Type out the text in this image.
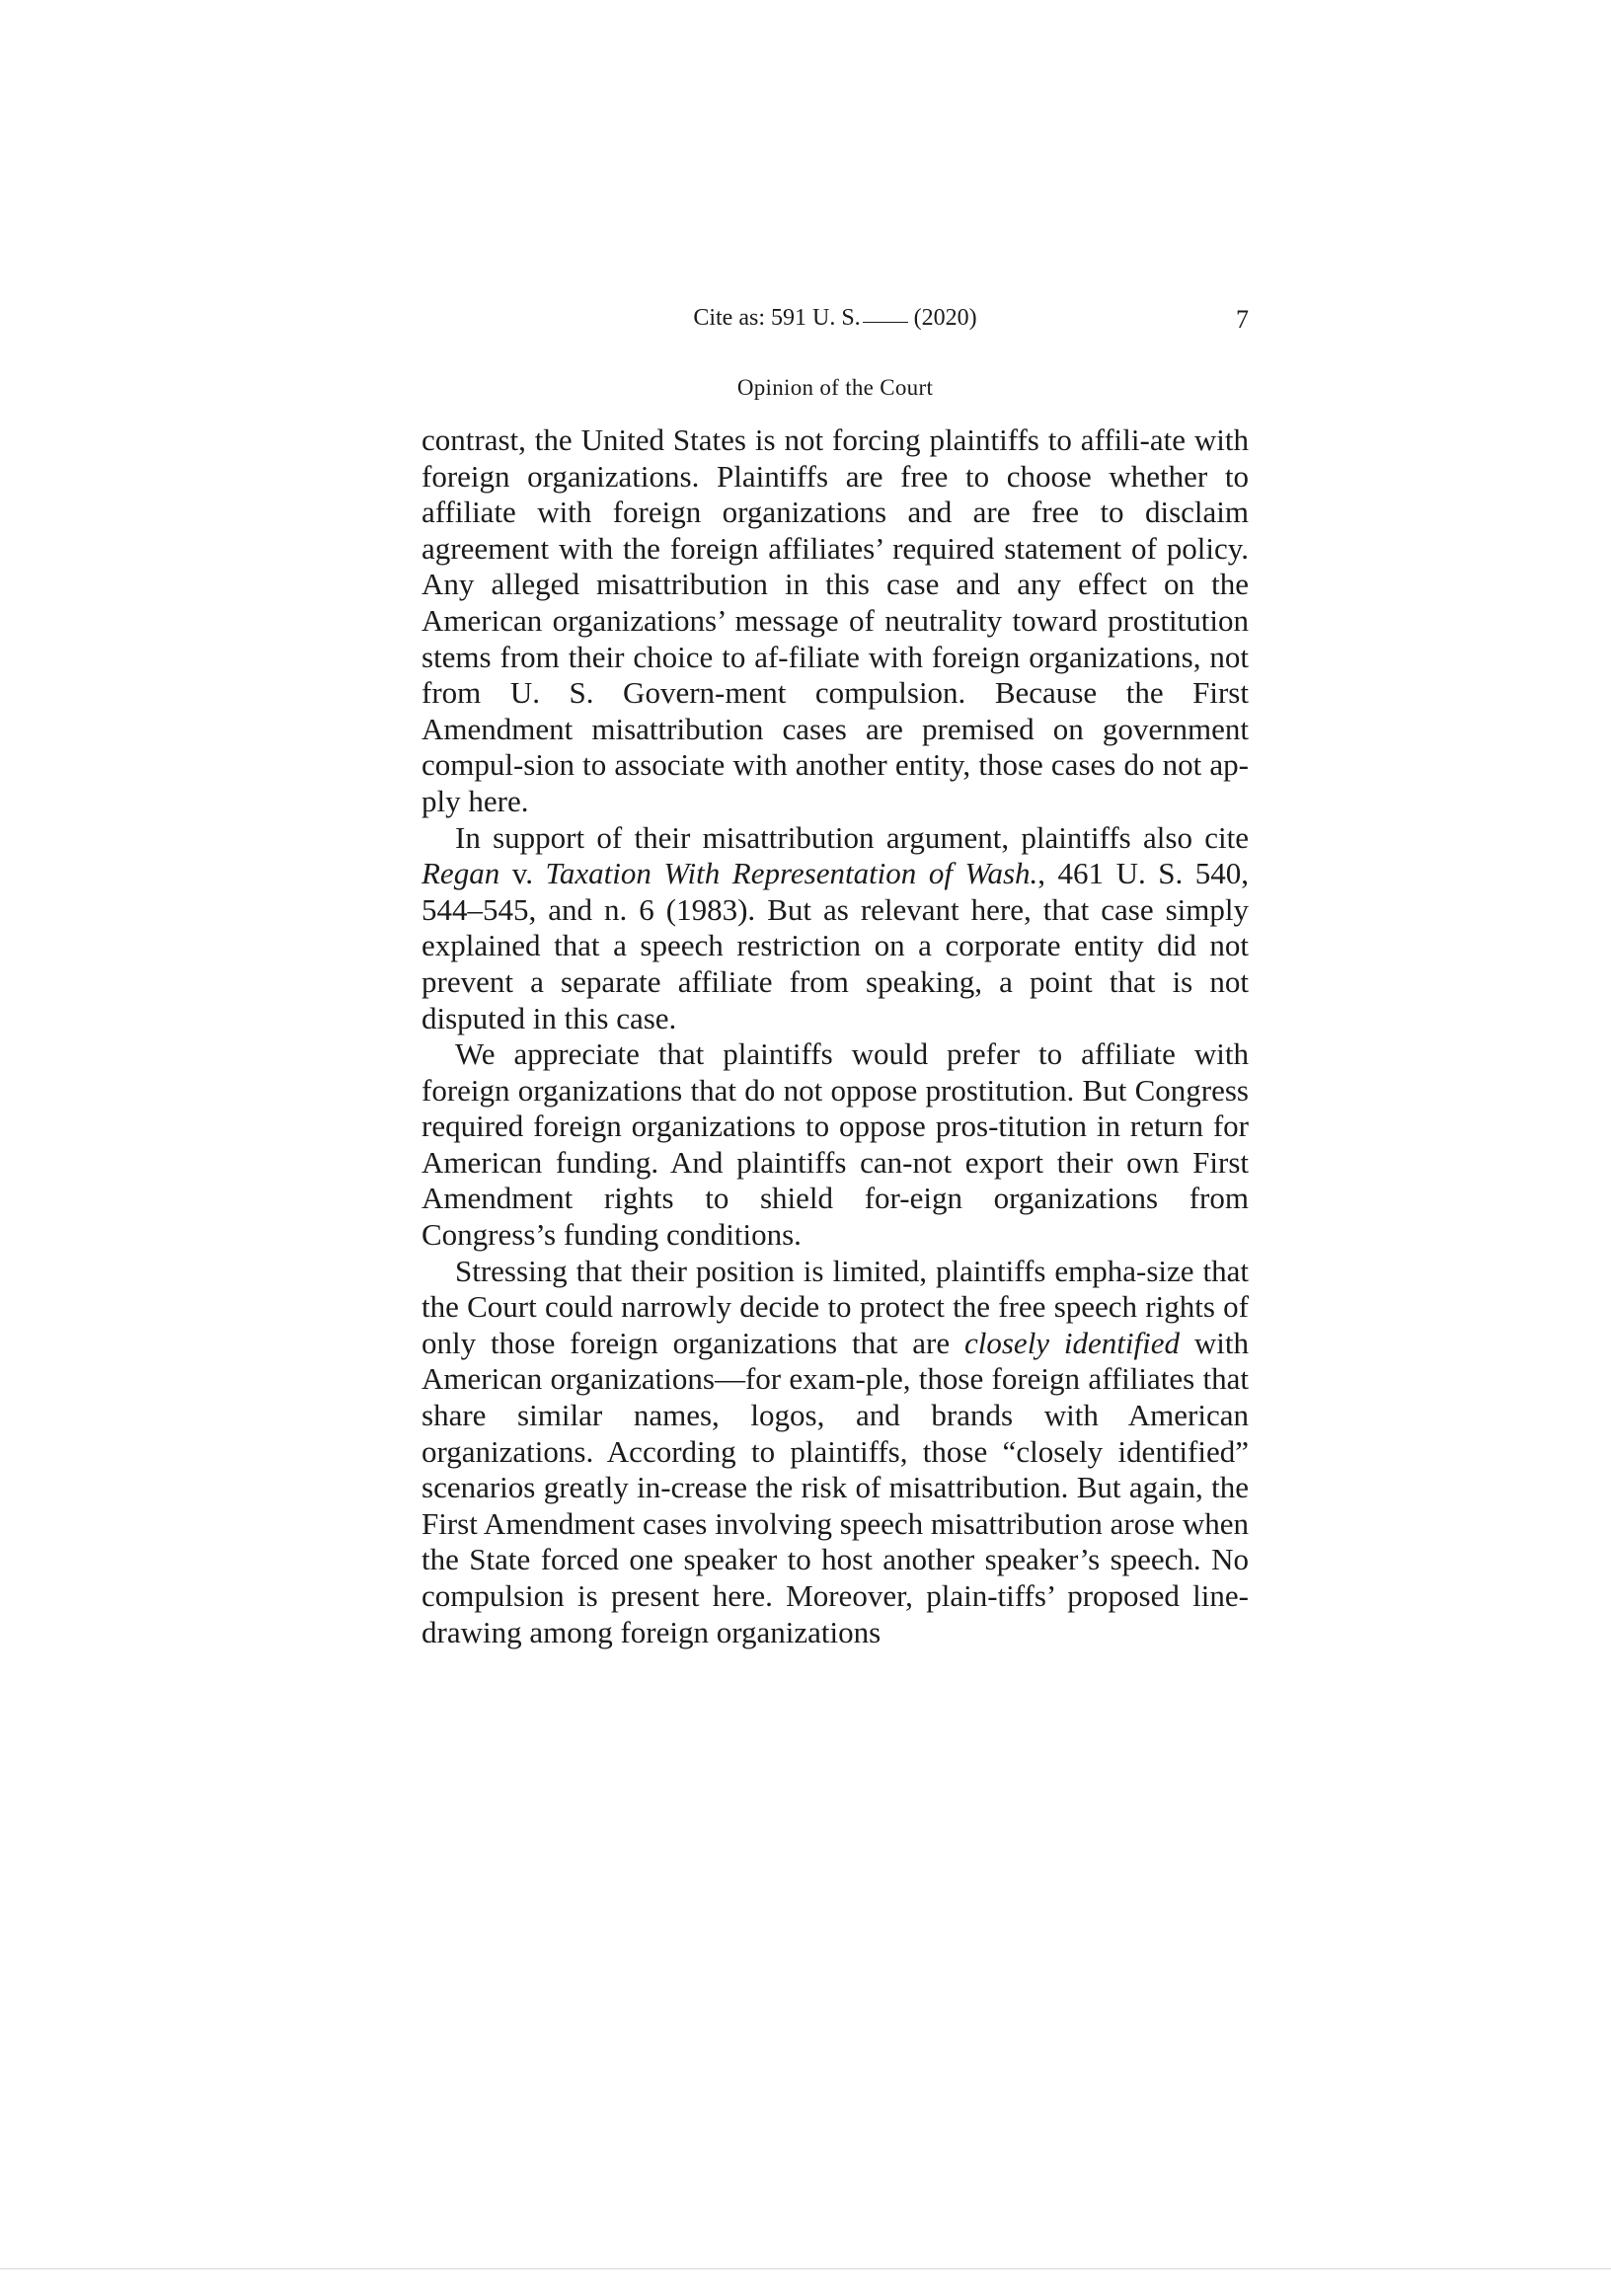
Cite as: 591 U. S. (2020)	7
Opinion of the Court

contrast, the United States is not forcing plaintiffs to affili-ate with foreign organizations. Plaintiffs are free to choose whether to affiliate with foreign organizations and are free to disclaim agreement with the foreign affiliates’ required statement of policy. Any alleged misattribution in this case and any effect on the American organizations’ message of neutrality toward prostitution stems from their choice to af-filiate with foreign organizations, not from U. S. Govern-ment compulsion. Because the First Amendment misattribution cases are premised on government compul-sion to associate with another entity, those cases do not ap-ply here.

In support of their misattribution argument, plaintiffs also cite Regan v. Taxation With Representation of Wash., 461 U. S. 540, 544–545, and n. 6 (1983). But as relevant here, that case simply explained that a speech restriction on a corporate entity did not prevent a separate affiliate from speaking, a point that is not disputed in this case.

We appreciate that plaintiffs would prefer to affiliate with foreign organizations that do not oppose prostitution. But Congress required foreign organizations to oppose pros-titution in return for American funding. And plaintiffs can-not export their own First Amendment rights to shield for-eign organizations from Congress’s funding conditions.

Stressing that their position is limited, plaintiffs empha-size that the Court could narrowly decide to protect the free speech rights of only those foreign organizations that are closely identified with American organizations—for exam-ple, those foreign affiliates that share similar names, logos, and brands with American organizations. According to plaintiffs, those “closely identified” scenarios greatly in-crease the risk of misattribution. But again, the First Amendment cases involving speech misattribution arose when the State forced one speaker to host another speaker’s speech. No compulsion is present here. Moreover, plain-tiffs’ proposed line-drawing among foreign organizations
